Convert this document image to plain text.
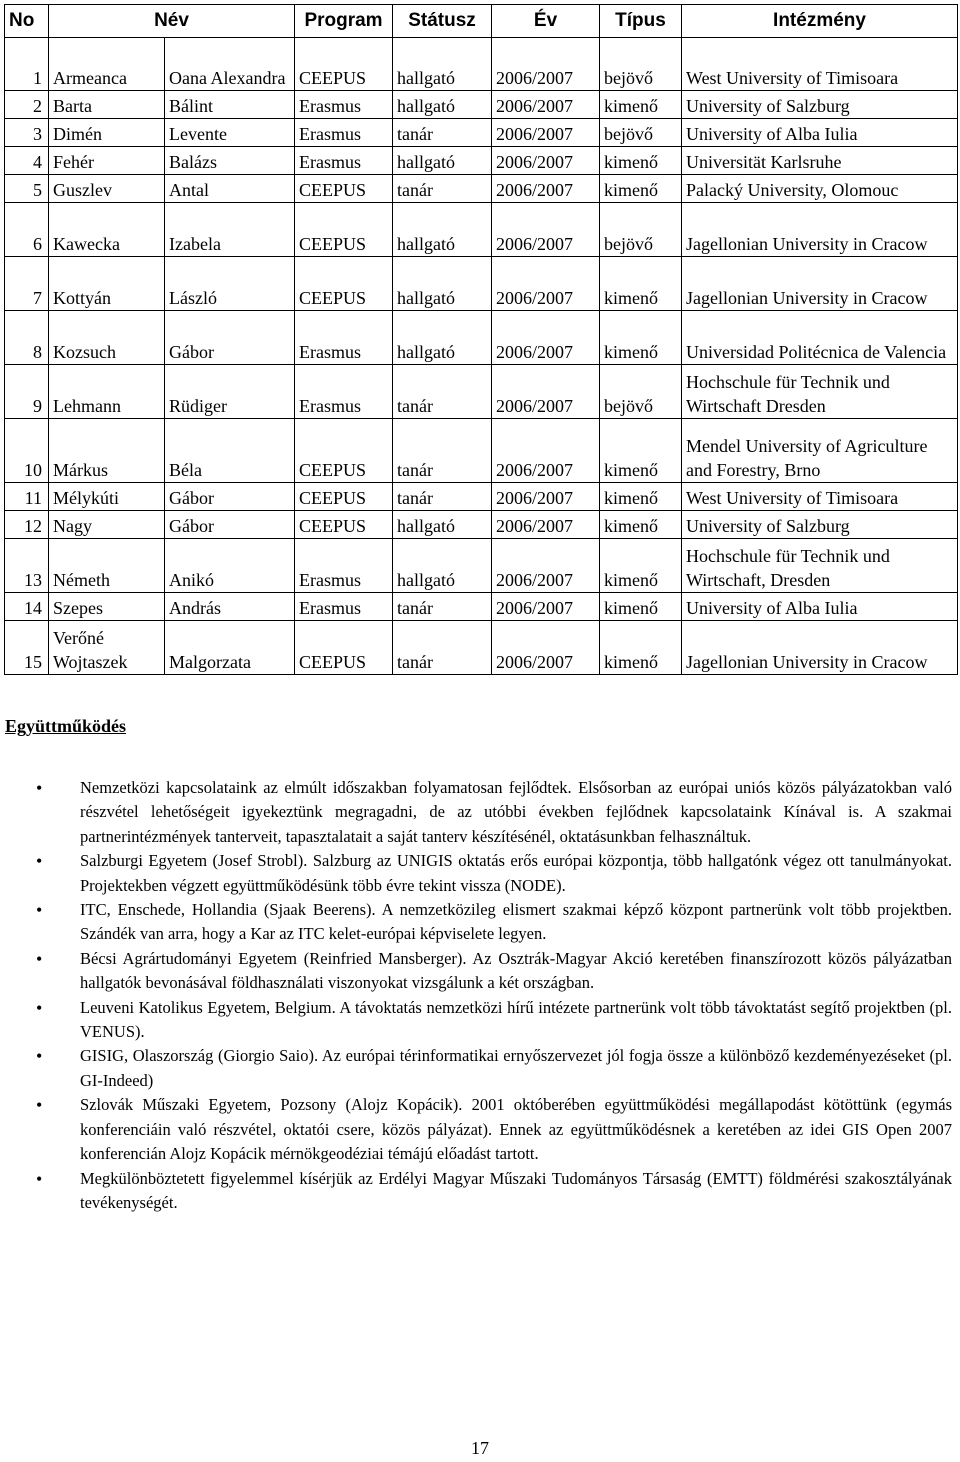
No	Név		Program	Státusz	Év	Típus	Intézmény
1	Armeanca	Oana Alexandra	CEEPUS	hallgató	2006/2007	bejövő	West University of Timisoara
2	Barta	Bálint	Erasmus	hallgató	2006/2007	kimenő	University of Salzburg
3	Dimén	Levente	Erasmus	tanár	2006/2007	bejövő	University of Alba Iulia
4	Fehér	Balázs	Erasmus	hallgató	2006/2007	kimenő	Universität Karlsruhe
5	Guszlev	Antal	CEEPUS	tanár	2006/2007	kimenő	Palacký University, Olomouc
6	Kawecka	Izabela	CEEPUS	hallgató	2006/2007	bejövő	Jagellonian University in Cracow
7	Kottyán	László	CEEPUS	hallgató	2006/2007	kimenő	Jagellonian University in Cracow
8	Kozsuch	Gábor	Erasmus	hallgató	2006/2007	kimenő	Universidad Politécnica de Valencia
9	Lehmann	Rüdiger	Erasmus	tanár	2006/2007	bejövő	Hochschule für Technik und Wirtschaft Dresden
10	Márkus	Béla	CEEPUS	tanár	2006/2007	kimenő	Mendel University of Agriculture and Forestry, Brno
11	Mélykúti	Gábor	CEEPUS	tanár	2006/2007	kimenő	West University of Timisoara
12	Nagy	Gábor	CEEPUS	hallgató	2006/2007	kimenő	University of Salzburg
13	Németh	Anikó	Erasmus	hallgató	2006/2007	kimenő	Hochschule für Technik und Wirtschaft, Dresden
14	Szepes	András	Erasmus	tanár	2006/2007	kimenő	University of Alba Iulia
15	Verőné Wojtaszek	Malgorzata	CEEPUS	tanár	2006/2007	kimenő	Jagellonian University in Cracow
Együttműködés
• Nemzetközi kapcsolataink az elmúlt időszakban folyamatosan fejlődtek. Elsősorban az európai uniós közös pályázatokban való részvétel lehetőségeit igyekeztünk megragadni, de az utóbbi években fejlődnek kapcsolataink Kínával is. A szakmai partnerintézmények tanterveit, tapasztalatait a saját tanterv készítésénél, oktatásunkban felhasználtuk.
• Salzburgi Egyetem (Josef Strobl). Salzburg az UNIGIS oktatás erős európai központja, több hallgatónk végez ott tanulmányokat. Projektekben végzett együttműködésünk több évre tekint vissza (NODE).
• ITC, Enschede, Hollandia (Sjaak Beerens). A nemzetközileg elismert szakmai képző központ partnerünk volt több projektben. Szándék van arra, hogy a Kar az ITC kelet-európai képviselete legyen.
• Bécsi Agrártudományi Egyetem (Reinfried Mansberger). Az Osztrák-Magyar Akció keretében finanszírozott közös pályázatban hallgatók bevonásával földhasználati viszonyokat vizsgálunk a két országban.
• Leuveni Katolikus Egyetem, Belgium. A távoktatás nemzetközi hírű intézete partnerünk volt több távoktatást segítő projektben (pl. VENUS).
• GISIG, Olaszország (Giorgio Saio). Az európai térinformatikai ernyőszervezet jól fogja össze a különböző kezdeményezéseket (pl. GI-Indeed)
• Szlovák Műszaki Egyetem, Pozsony (Alojz Kopácik). 2001 októberében együttműködési megállapodást kötöttünk (egymás konferenciáin való részvétel, oktatói csere, közös pályázat). Ennek az együttműködésnek a keretében az idei GIS Open 2007 konferencián Alojz Kopácik mérnökgeodéziai témájú előadást tartott.
• Megkülönböztetett figyelemmel kísérjük az Erdélyi Magyar Műszaki Tudományos Társaság (EMTT) földmérési szakosztályának tevékenységét.
17
